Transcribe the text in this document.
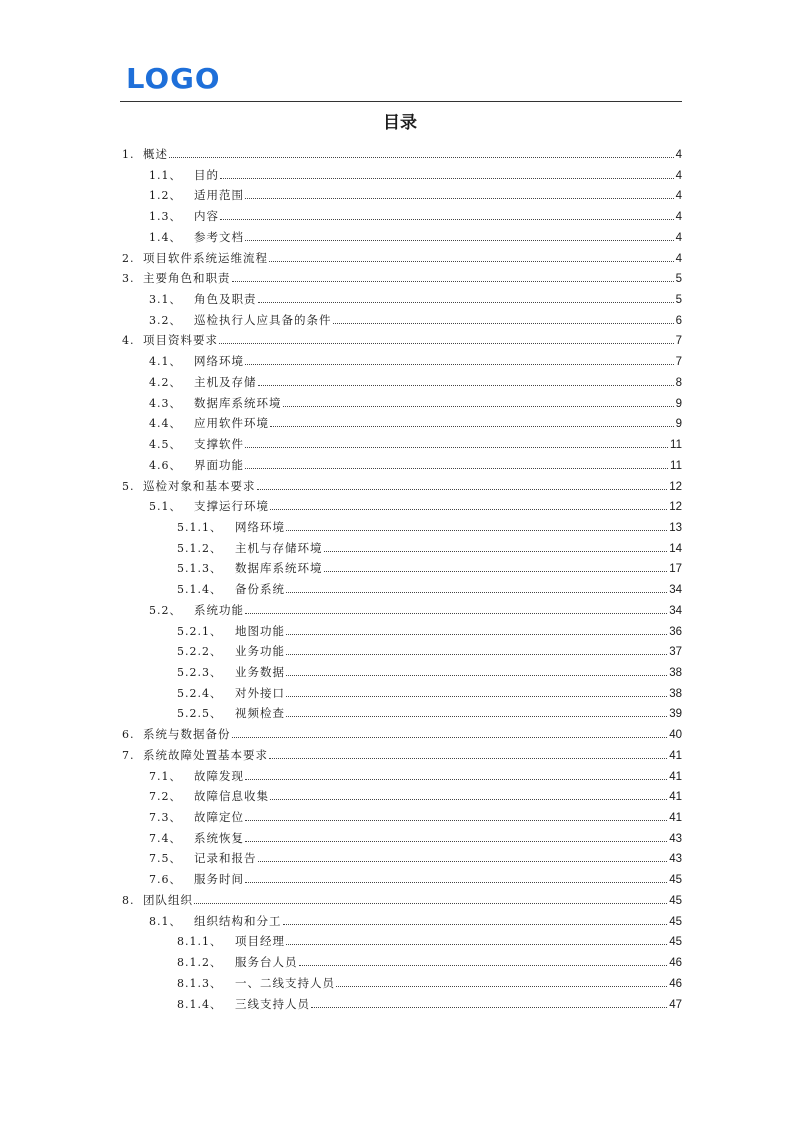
LOGO
目录
1. 概述	4
1.1、	目的	4
1.2、	适用范围	4
1.3、	内容	4
1.4、	参考文档	4
2. 项目软件系统运维流程	4
3. 主要角色和职责	5
3.1、	角色及职责	5
3.2、	巡检执行人应具备的条件	6
4. 项目资料要求	7
4.1、	网络环境	7
4.2、	主机及存储	8
4.3、	数据库系统环境	9
4.4、	应用软件环境	9
4.5、	支撑软件	11
4.6、	界面功能	11
5. 巡检对象和基本要求	12
5.1、	支撑运行环境	12
5.1.1、	网络环境	13
5.1.2、	主机与存储环境	14
5.1.3、	数据库系统环境	17
5.1.4、	备份系统	34
5.2、	系统功能	34
5.2.1、	地图功能	36
5.2.2、	业务功能	37
5.2.3、	业务数据	38
5.2.4、	对外接口	38
5.2.5、	视频检查	39
6. 系统与数据备份	40
7. 系统故障处置基本要求	41
7.1、	故障发现	41
7.2、	故障信息收集	41
7.3、	故障定位	41
7.4、	系统恢复	43
7.5、	记录和报告	43
7.6、	服务时间	45
8. 团队组织	45
8.1、	组织结构和分工	45
8.1.1、	项目经理	45
8.1.2、	服务台人员	46
8.1.3、	一、二线支持人员	46
8.1.4、	三线支持人员	47
